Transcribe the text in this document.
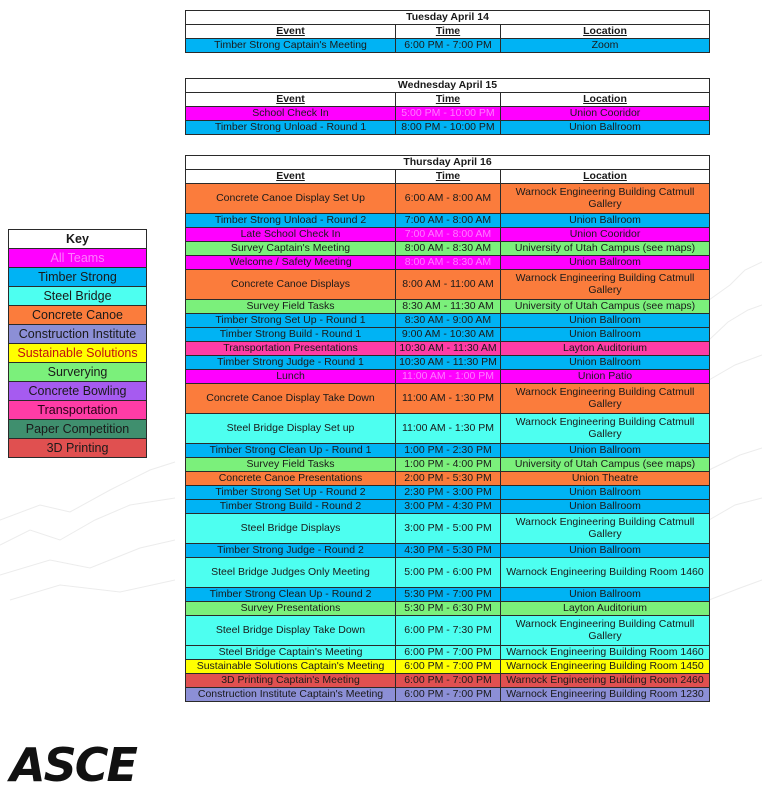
Tuesday April 14		
Event	Time	Location
Timber Strong Captain's Meeting	6:00 PM - 7:00 PM	Zoom
Wednesday April 15		
Event	Time	Location
School Check In	5:00 PM - 10:00 PM	Union Cooridor
Timber Strong Unload - Round 1	8:00 PM - 10:00 PM	Union Ballroom
Thursday April 16		
Event	Time	Location
Concrete Canoe Display Set Up	6:00 AM - 8:00 AM	Warnock Engineering Building Catmull Gallery
Timber Strong Unload - Round 2	7:00 AM - 8:00 AM	Union Ballroom
Late School Check In	7:00 AM - 8:00 AM	Union Cooridor
Survey Captain's Meeting	8:00 AM - 8:30 AM	University of Utah Campus (see maps)
Welcome / Safety Meeting	8:00 AM - 8:30 AM	Union Ballroom
Concrete Canoe Displays	8:00 AM - 11:00 AM	Warnock Engineering Building Catmull Gallery
Survey Field Tasks	8:30 AM - 11:30 AM	University of Utah Campus (see maps)
Timber Strong Set Up - Round 1	8:30 AM - 9:00 AM	Union Ballroom
Timber Strong Build - Round 1	9:00 AM - 10:30 AM	Union Ballroom
Transportation Presentations	10:30 AM - 11:30 AM	Layton Auditorium
Timber Strong Judge - Round 1	10:30 AM - 11:30 PM	Union Ballroom
Lunch	11:00 AM - 1:00 PM	Union Patio
Concrete Canoe Display Take Down	11:00 AM - 1:30 PM	Warnock Engineering Building Catmull Gallery
Steel Bridge Display Set up	11:00 AM - 1:30 PM	Warnock Engineering Building Catmull Gallery
Timber Strong Clean Up - Round 1	1:00 PM - 2:30 PM	Union Ballroom
Survey Field Tasks	1:00 PM - 4:00 PM	University of Utah Campus (see maps)
Concrete Canoe Presentations	2:00 PM - 5:30 PM	Union Theatre
Timber Strong Set Up - Round 2	2:30 PM - 3:00 PM	Union Ballroom
Timber Strong Build - Round 2	3:00 PM - 4:30 PM	Union Ballroom
Steel Bridge Displays	3:00 PM - 5:00 PM	Warnock Engineering Building Catmull Gallery
Timber Strong Judge - Round 2	4:30 PM - 5:30 PM	Union Ballroom
Steel Bridge Judges Only Meeting	5:00 PM - 6:00 PM	Warnock Engineering Building Room 1460
Timber Strong Clean Up - Round 2	5:30 PM - 7:00 PM	Union Ballroom
Survey Presentations	5:30 PM - 6:30 PM	Layton Auditorium
Steel Bridge Display Take Down	6:00 PM - 7:30 PM	Warnock Engineering Building Catmull Gallery
Steel Bridge Captain's Meeting	6:00 PM - 7:00 PM	Warnock Engineering Building Room 1460
Sustainable Solutions Captain's Meeting	6:00 PM - 7:00 PM	Warnock Engineering Building Room 1450
3D Printing Captain's Meeting	6:00 PM - 7:00 PM	Warnock Engineering Building Room 2460
Construction Institute Captain's Meeting	6:00 PM - 7:00 PM	Warnock Engineering Building Room 1230
Key
All Teams
Timber Strong
Steel Bridge
Concrete Canoe
Construction Institute
Sustainable Solutions
Surverying
Concrete Bowling
Transportation
Paper Competition
3D Printing
ASCE
